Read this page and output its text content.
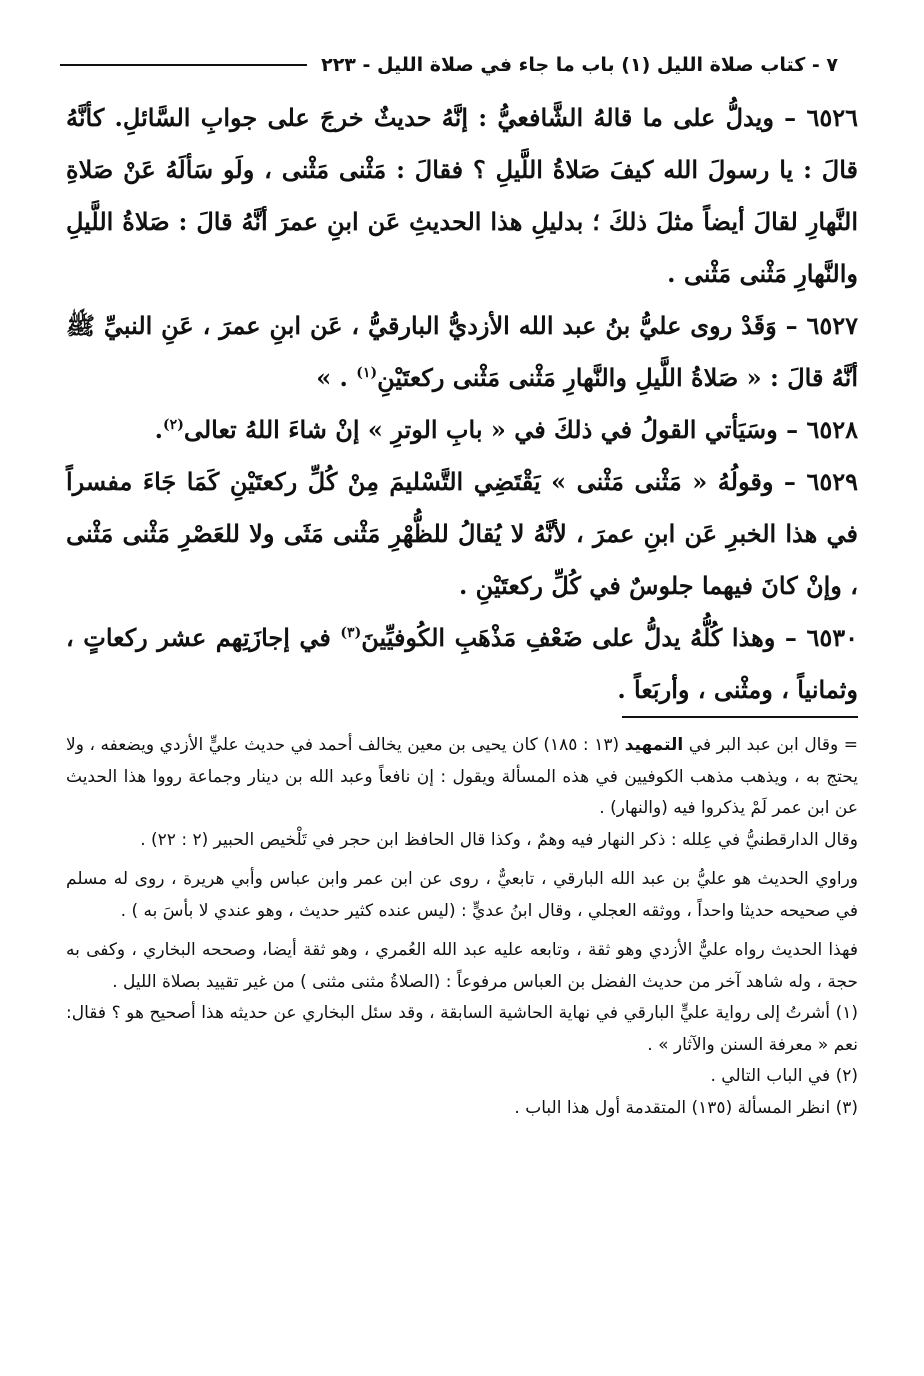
٧ - كتاب صلاة الليل (١) باب ما جاء في صلاة الليل - ٢٢٣

٦٥٢٦ – ويدلُّ على ما قالهُ الشَّافعيُّ : إنَّهُ حديثٌ خرجَ على جوابِ السَّائلِ. كأنَّهُ قالَ : يا رسولَ الله كيفَ صَلاةُ اللَّيلِ ؟ فقالَ : مَثْنى مَثْنى ، ولَو سَألَهُ عَنْ صَلاةِ النَّهارِ لقالَ أيضاً مثلَ ذلكَ ؛ بدليلِ هذا الحديثِ عَن ابنِ عمرَ أنَّهُ قالَ : صَلاةُ اللَّيلِ والنَّهارِ مَثْنى مَثْنى .

٦٥٢٧ – وَقَدْ روى عليُّ بنُ عبد الله الأزديُّ البارقيُّ ، عَن ابنِ عمرَ ، عَنِ النبيِّ ﷺ أنَّهُ قالَ : « صَلاةُ اللَّيلِ والنَّهارِ مَثْنى مَثْنى ركعتَيْنِ$^{(١)}$ . »

٦٥٢٨ – وسَيَأتي القولُ في ذلكَ في « بابِ الوترِ » إنْ شاءَ اللهُ تعالى$^{(٢)}$.

٦٥٢٩ – وقولُهُ « مَثْنى مَثْنى » يَقْتَضِي التَّسْليمَ مِنْ كُلِّ ركعتَيْنِ كَمَا جَاءَ مفسراً في هذا الخبرِ عَن ابنِ عمرَ ، لأنَّهُ لا يُقالُ للظُّهْرِ مَثْنى مَثَى ولا للعَصْرِ مَثْنى مَثْنى ، وإنْ كانَ فيهما جلوسٌ في كُلِّ ركعتَيْنِ .

٦٥٣٠ – وهذا كُلُّهُ يدلُّ على ضَعْفِ مَذْهَبِ الكُوفيِّينَ$^{(٣)}$ في إجازَتِهم عشر ركعاتٍ ، وثمانياً ، ومثْنى ، وأربَعاً .

= وقال ابن عبد البر في التمهيد (١٣ : ١٨٥) كان يحيى بن معين يخالف أحمد في حديث عليٍّ الأزدي ويضعفه ، ولا يحتج به ، ويذهب مذهب الكوفيين في هذه المسألة ويقول : إن نافعاً وعبد الله بن دينار وجماعة رووا هذا الحديث عن ابن عمر لَمْ يذكروا فيه (والنهار) .
وقال الدارقطنيُّ في عِلله : ذكر النهار فيه وهمٌ ، وكذا قال الحافظ ابن حجر في تَلْخيص الحبير (٢ : ٢٢) .

وراوي الحديث هو عليُّ بن عبد الله البارقي ، تابعيٌّ ، روى عن ابن عمر وابن عباس وأبي هريرة ، روى له مسلم في صحيحه حديثا واحداً ، ووثقه العجلي ، وقال ابنُ عديٍّ : (ليس عنده كثير حديث ، وهو عندي لا بأسَ به ) .

فهذا الحديث رواه عليٌّ الأزدي وهو ثقة ، وتابعه عليه عبد الله العُمري ، وهو ثقة أيضا، وصححه البخاري ، وكفى به حجة ، وله شاهد آخر من حديث الفضل بن العباس مرفوعاً : (الصلاةُ مثنى مثنى ) من غير تقييد بصلاة الليل .

(١) أشرتُ إلى رواية عليٍّ البارقي في نهاية الحاشية السابقة ، وقد سئل البخاري عن حديثه هذا أصحيح هو ؟ فقال: نعم « معرفة السنن والآثار » .

(٢) في الباب التالي .

(٣) انظر المسألة (١٣٥) المتقدمة أول هذا الباب .
